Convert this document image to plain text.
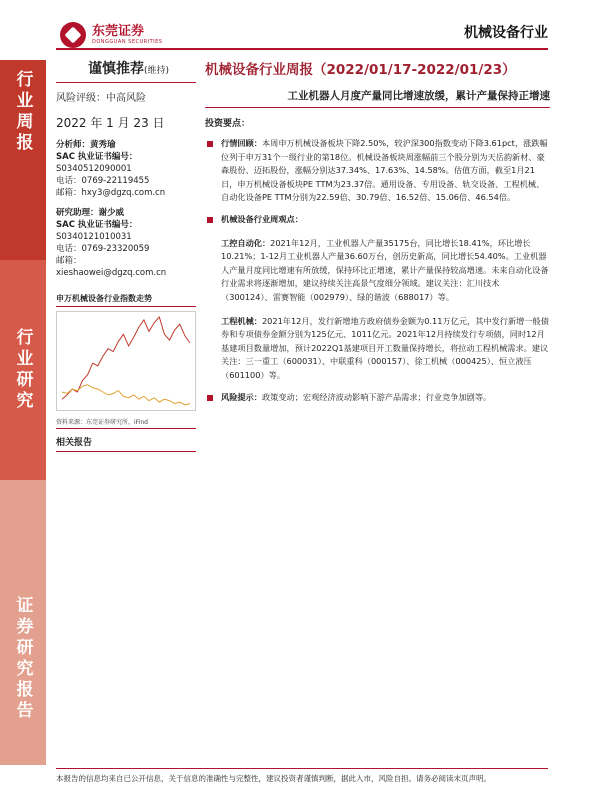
东莞证券
DONGGUAN SECURITIES
机械设备行业
行业周报
行业研究
证券研究报告
谨慎推荐(维持)
风险评级：中高风险
2022 年 1 月 23 日
分析师：黄秀瑜
SAC 执业证书编号：
S0340512090001
电话：0769-22119455
邮箱：hxy3@dgzq.com.cn
研究助理：谢少威
SAC 执业证书编号：
S0340121010031
电话：0769-23320059
邮箱：
xieshaowei@dgzq.com.cn
申万机械设备行业指数走势
资料来源：东莞证券研究所，iFind
相关报告
机械设备行业周报（2022/01/17-2022/01/23）
工业机器人月度产量同比增速放缓，累计产量保持正增速
投资要点：
行情回顾：本周申万机械设备板块下降2.50%，较沪深300指数变动下降3.61pct，涨跌幅位列于申万31个一级行业的第18位。机械设备板块周涨幅前三个股分别为天岳韵新材、豪森股份、迈拓股份，涨幅分别达37.34%、17.63%、14.58%。估值方面，截至1月21日，申万机械设备板块PE TTM为23.37倍。通用设备、专用设备、轨交设备、工程机械、自动化设备PE TTM分别为22.59倍、30.79倍、16.52倍、15.06倍、46.54倍。
机械设备行业周观点：
工控自动化：2021年12月，工业机器人产量35175台，同比增长18.41%，环比增长10.21%；1-12月工业机器人产量36.60万台，创历史新高，同比增长54.40%。工业机器人产量月度同比增速有所放缓，保持环比正增速，累计产量保持较高增速。未来自动化设备行业需求将逐渐增加，建议持续关注高景气度细分领域。建议关注：汇川技术（300124）、雷赛智能（002979）、绿的谐波（688017）等。
工程机械：2021年12月，发行新增地方政府债券金额为0.11万亿元，其中发行新增一般债券和专项债券金额分别为125亿元、1011亿元。2021年12月持续发行专项债，同时12月基建项目数量增加，预计2022Q1基建项目开工数量保持增长，将拉动工程机械需求。建议关注：三一重工（600031）、中联重科（000157）、徐工机械（000425）、恒立液压（601100）等。
风险提示：政策变动；宏观经济波动影响下游产品需求；行业竞争加剧等。
本报告的信息均来自已公开信息，关于信息的准确性与完整性，建议投资者谨慎判断，据此入市，风险自担。请务必阅读末页声明。
